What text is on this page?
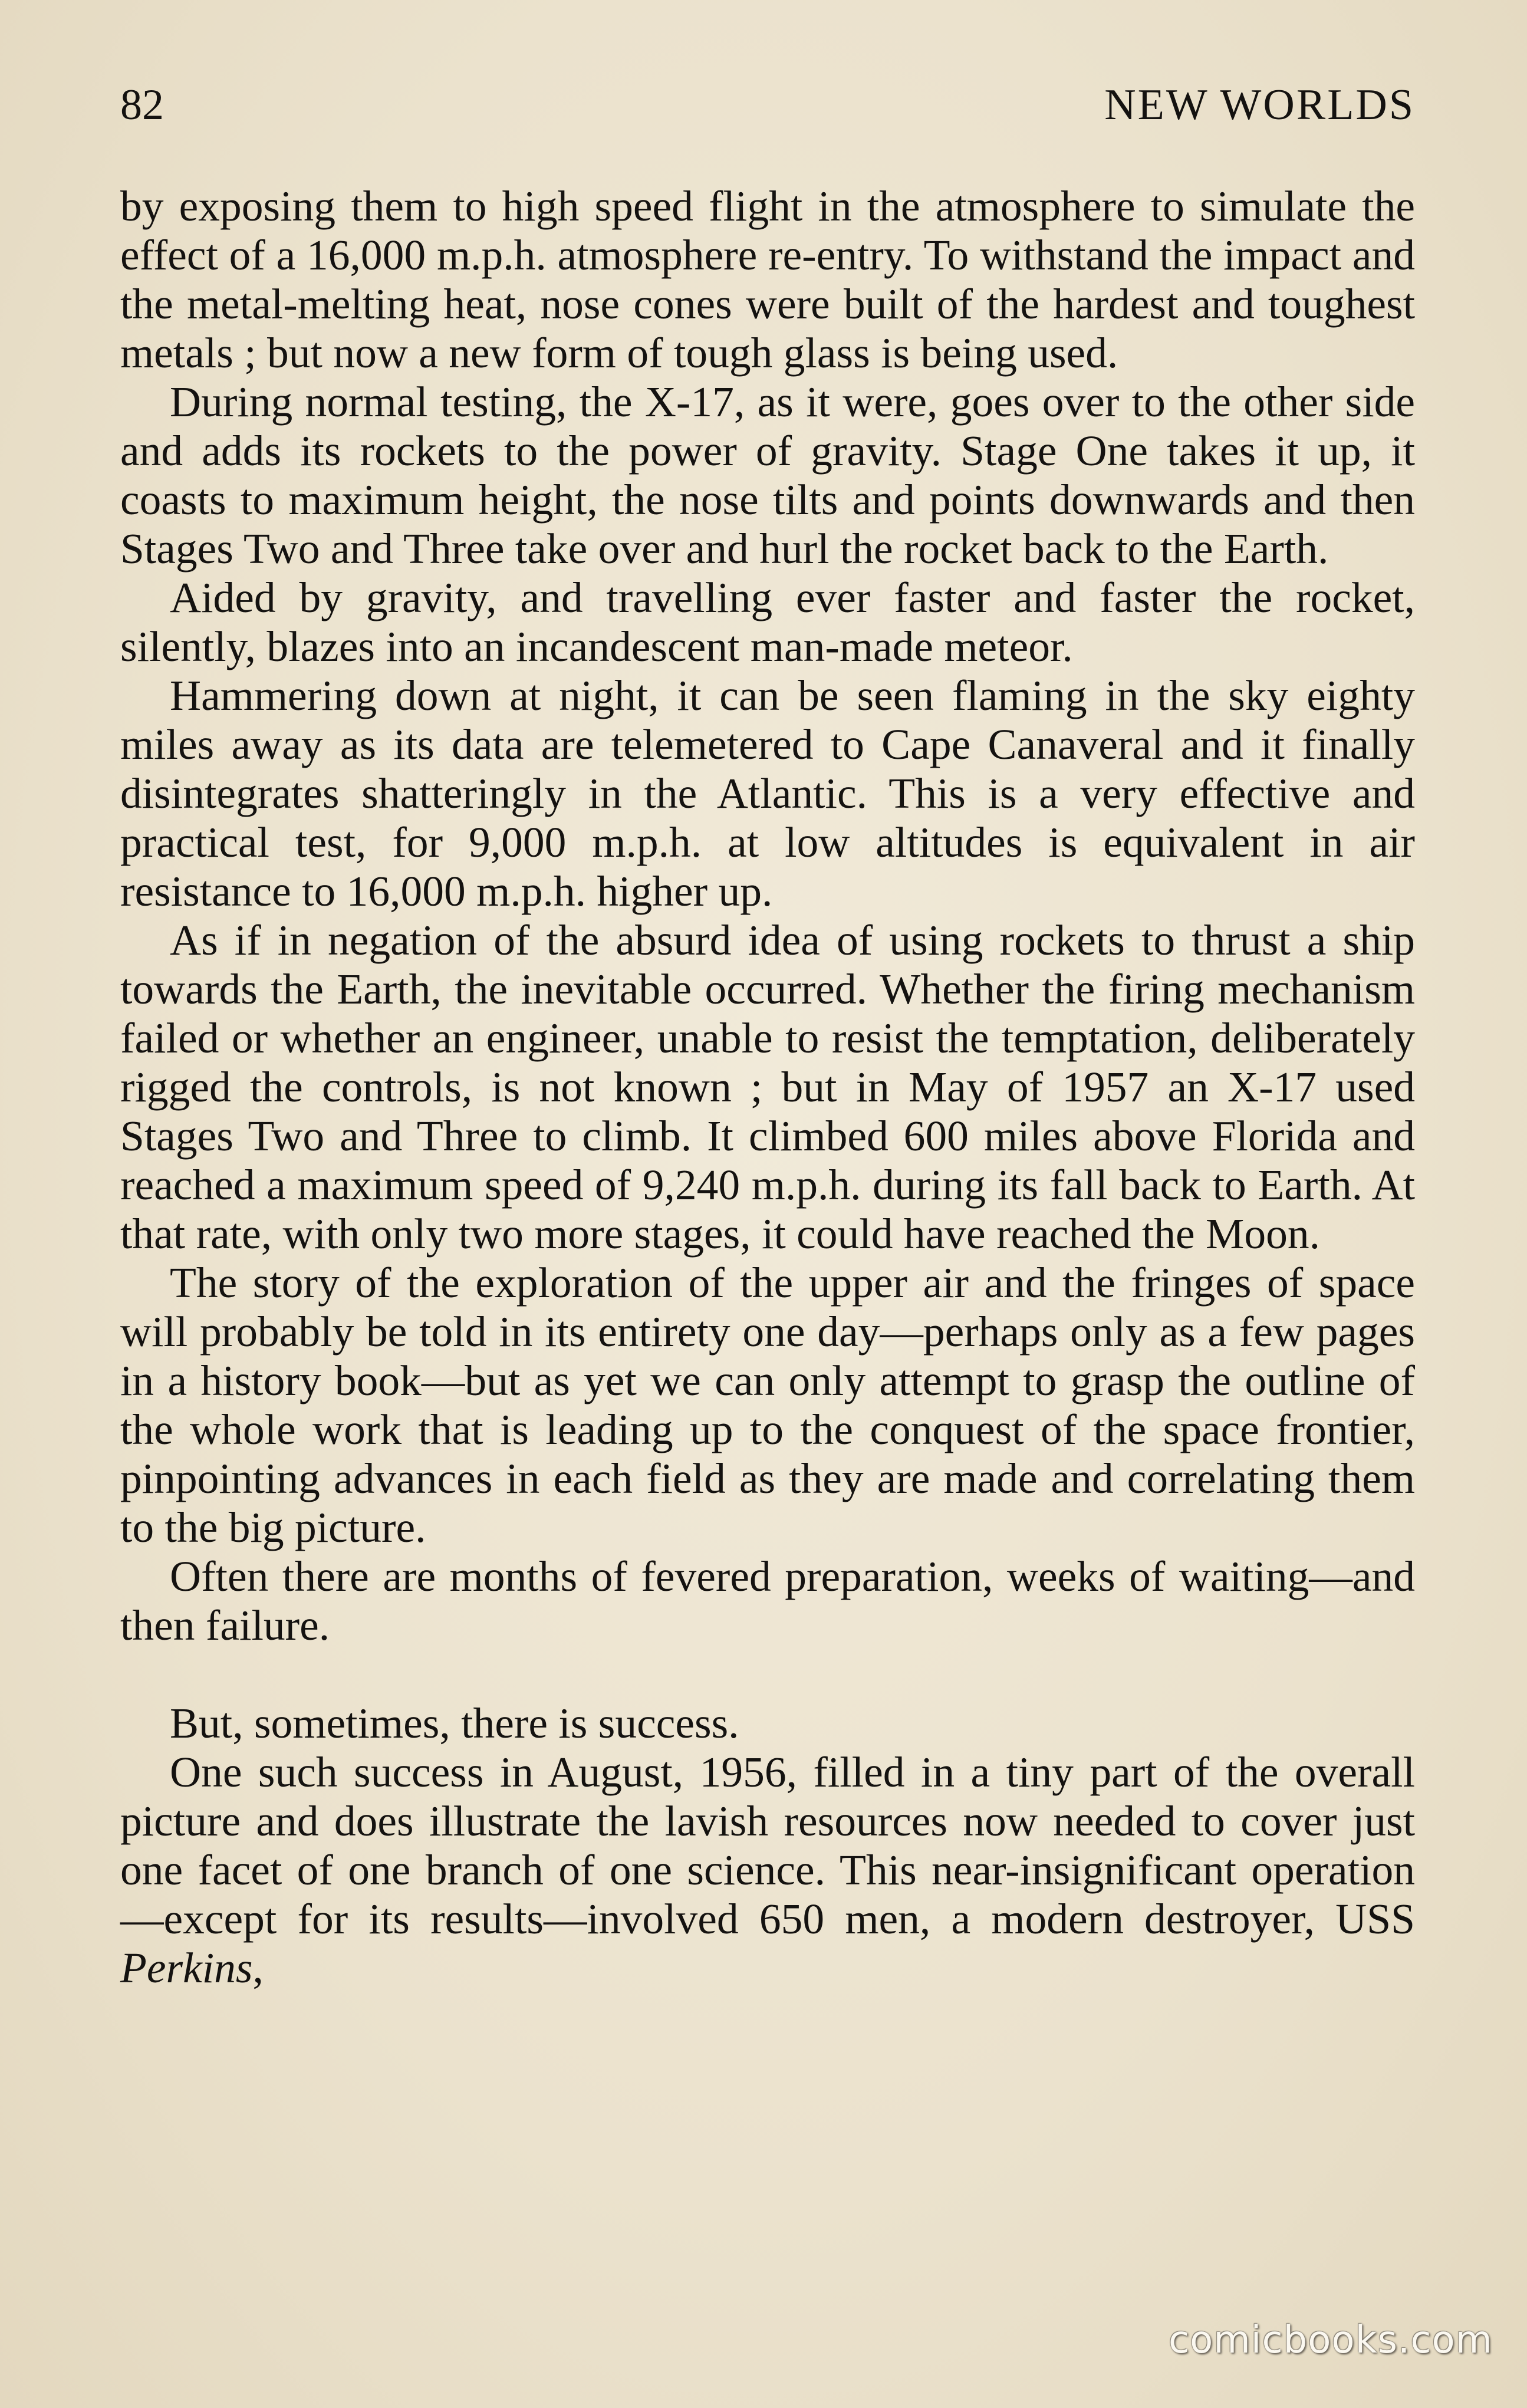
82	NEW WORLDS

by exposing them to high speed flight in the atmosphere to simulate the effect of a 16,000 m.p.h. atmosphere re-entry. To withstand the impact and the metal-melting heat, nose cones were built of the hardest and toughest metals ; but now a new form of tough glass is being used.

During normal testing, the X-17, as it were, goes over to the other side and adds its rockets to the power of gravity. Stage One takes it up, it coasts to maximum height, the nose tilts and points downwards and then Stages Two and Three take over and hurl the rocket back to the Earth.

Aided by gravity, and travelling ever faster and faster the rocket, silently, blazes into an incandescent man-made meteor.

Hammering down at night, it can be seen flaming in the sky eighty miles away as its data are telemetered to Cape Canaveral and it finally disintegrates shatteringly in the Atlantic. This is a very effective and practical test, for 9,000 m.p.h. at low altitudes is equivalent in air resistance to 16,000 m.p.h. higher up.

As if in negation of the absurd idea of using rockets to thrust a ship towards the Earth, the inevitable occurred. Whether the firing mechanism failed or whether an engineer, unable to resist the temptation, deliberately rigged the controls, is not known ; but in May of 1957 an X-17 used Stages Two and Three to climb. It climbed 600 miles above Florida and reached a maximum speed of 9,240 m.p.h. during its fall back to Earth. At that rate, with only two more stages, it could have reached the Moon.

The story of the exploration of the upper air and the fringes of space will probably be told in its entirety one day—perhaps only as a few pages in a history book—but as yet we can only attempt to grasp the outline of the whole work that is leading up to the conquest of the space frontier, pinpointing advances in each field as they are made and correlating them to the big picture.

Often there are months of fevered preparation, weeks of waiting—and then failure.

But, sometimes, there is success.

One such success in August, 1956, filled in a tiny part of the overall picture and does illustrate the lavish resources now needed to cover just one facet of one branch of one science. This near-insignificant operation—except for its results—involved 650 men, a modern destroyer, USS Perkins,

comicbooks.com
